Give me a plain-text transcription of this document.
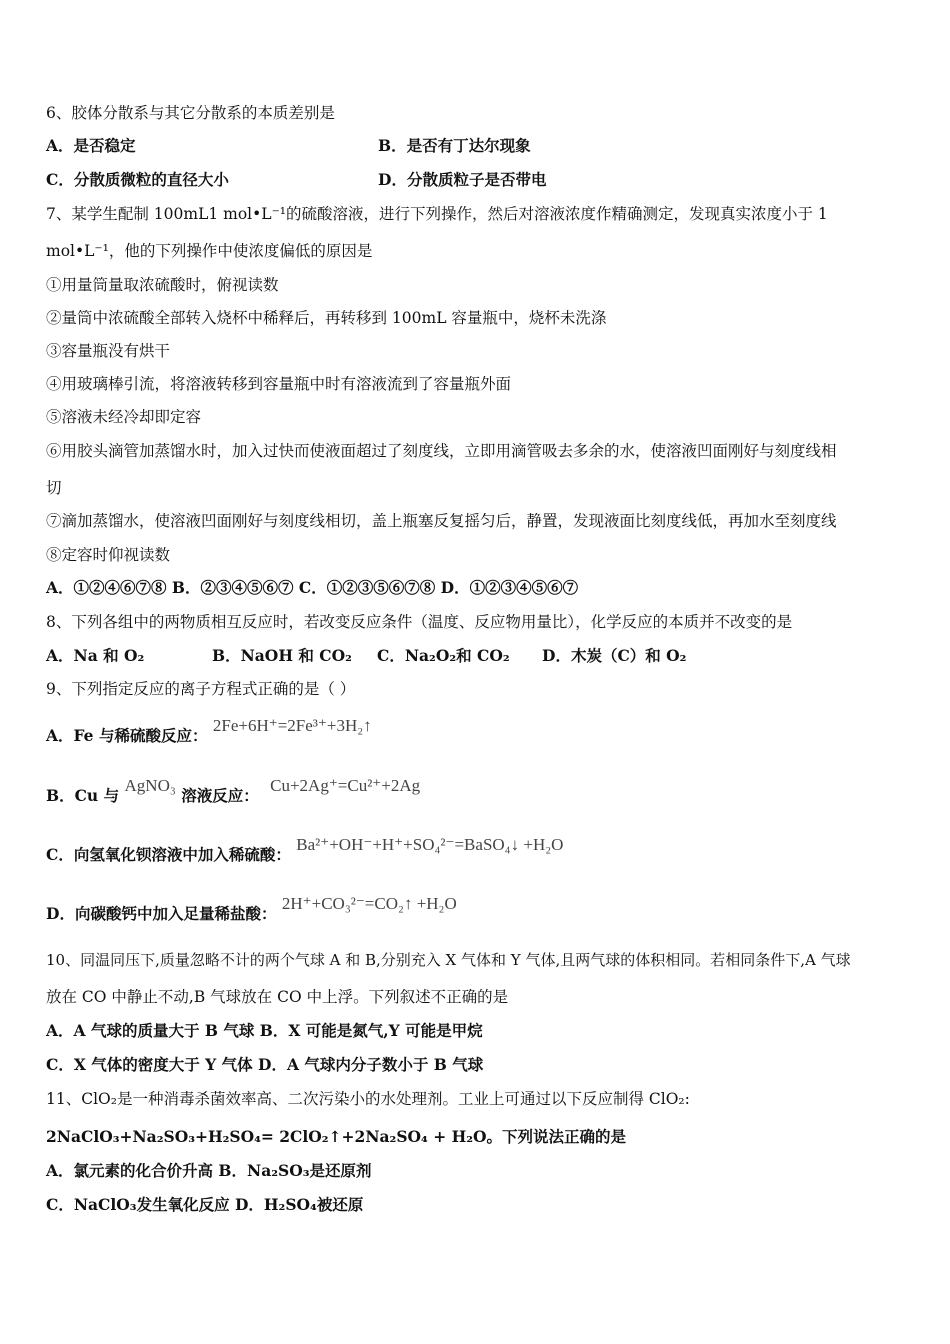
6、胶体分散系与其它分散系的本质差别是
A．是否稳定	B．是否有丁达尔现象
C．分散质微粒的直径大小	D．分散质粒子是否带电
7、某学生配制 100mL1 mol•L⁻¹的硫酸溶液，进行下列操作，然后对溶液浓度作精确测定，发现真实浓度小于 1
mol•L⁻¹，他的下列操作中使浓度偏低的原因是
①用量筒量取浓硫酸时，俯视读数
②量筒中浓硫酸全部转入烧杯中稀释后，再转移到 100mL 容量瓶中，烧杯未洗涤
③容量瓶没有烘干
④用玻璃棒引流，将溶液转移到容量瓶中时有溶液流到了容量瓶外面
⑤溶液未经冷却即定容
⑥用胶头滴管加蒸馏水时，加入过快而使液面超过了刻度线，立即用滴管吸去多余的水，使溶液凹面刚好与刻度线相
切
⑦滴加蒸馏水，使溶液凹面刚好与刻度线相切，盖上瓶塞反复摇匀后，静置，发现液面比刻度线低，再加水至刻度线
⑧定容时仰视读数
A．①②④⑥⑦⑧ B．②③④⑤⑥⑦ C．①②③⑤⑥⑦⑧ D．①②③④⑤⑥⑦
8、下列各组中的两物质相互反应时，若改变反应条件（温度、反应物用量比），化学反应的本质并不改变的是
A．Na 和 O₂	B．NaOH 和 CO₂ C．Na₂O₂和 CO₂ D．木炭（C）和 O₂
9、下列指定反应的离子方程式正确的是（ ）
A．Fe 与稀硫酸反应： 2Fe+6H⁺=2Fe³⁺+3H₂↑
B．Cu 与 AgNO₃ 溶液反应： Cu+2Ag⁺=Cu²⁺+2Ag
C．向氢氧化钡溶液中加入稀硫酸： Ba²⁺+OH⁻+H⁺+SO₄²⁻=BaSO₄↓ +H₂O
D．向碳酸钙中加入足量稀盐酸： 2H⁺+CO₃²⁻=CO₂↑ +H₂O
10、同温同压下,质量忽略不计的两个气球 A 和 B,分别充入 X 气体和 Y 气体,且两气球的体积相同。若相同条件下,A 气球
放在 CO 中静止不动,B 气球放在 CO 中上浮。下列叙述不正确的是
A．A 气球的质量大于 B 气球 B．X 可能是氮气,Y 可能是甲烷
C．X 气体的密度大于 Y 气体 D．A 气球内分子数小于 B 气球
11、ClO₂是一种消毒杀菌效率高、二次污染小的水处理剂。工业上可通过以下反应制得 ClO₂:
2NaClO₃+Na₂SO₃+H₂SO₄= 2ClO₂↑+2Na₂SO₄ + H₂O。下列说法正确的是
A．氯元素的化合价升高 B．Na₂SO₃是还原剂
C．NaClO₃发生氧化反应 D．H₂SO₄被还原
